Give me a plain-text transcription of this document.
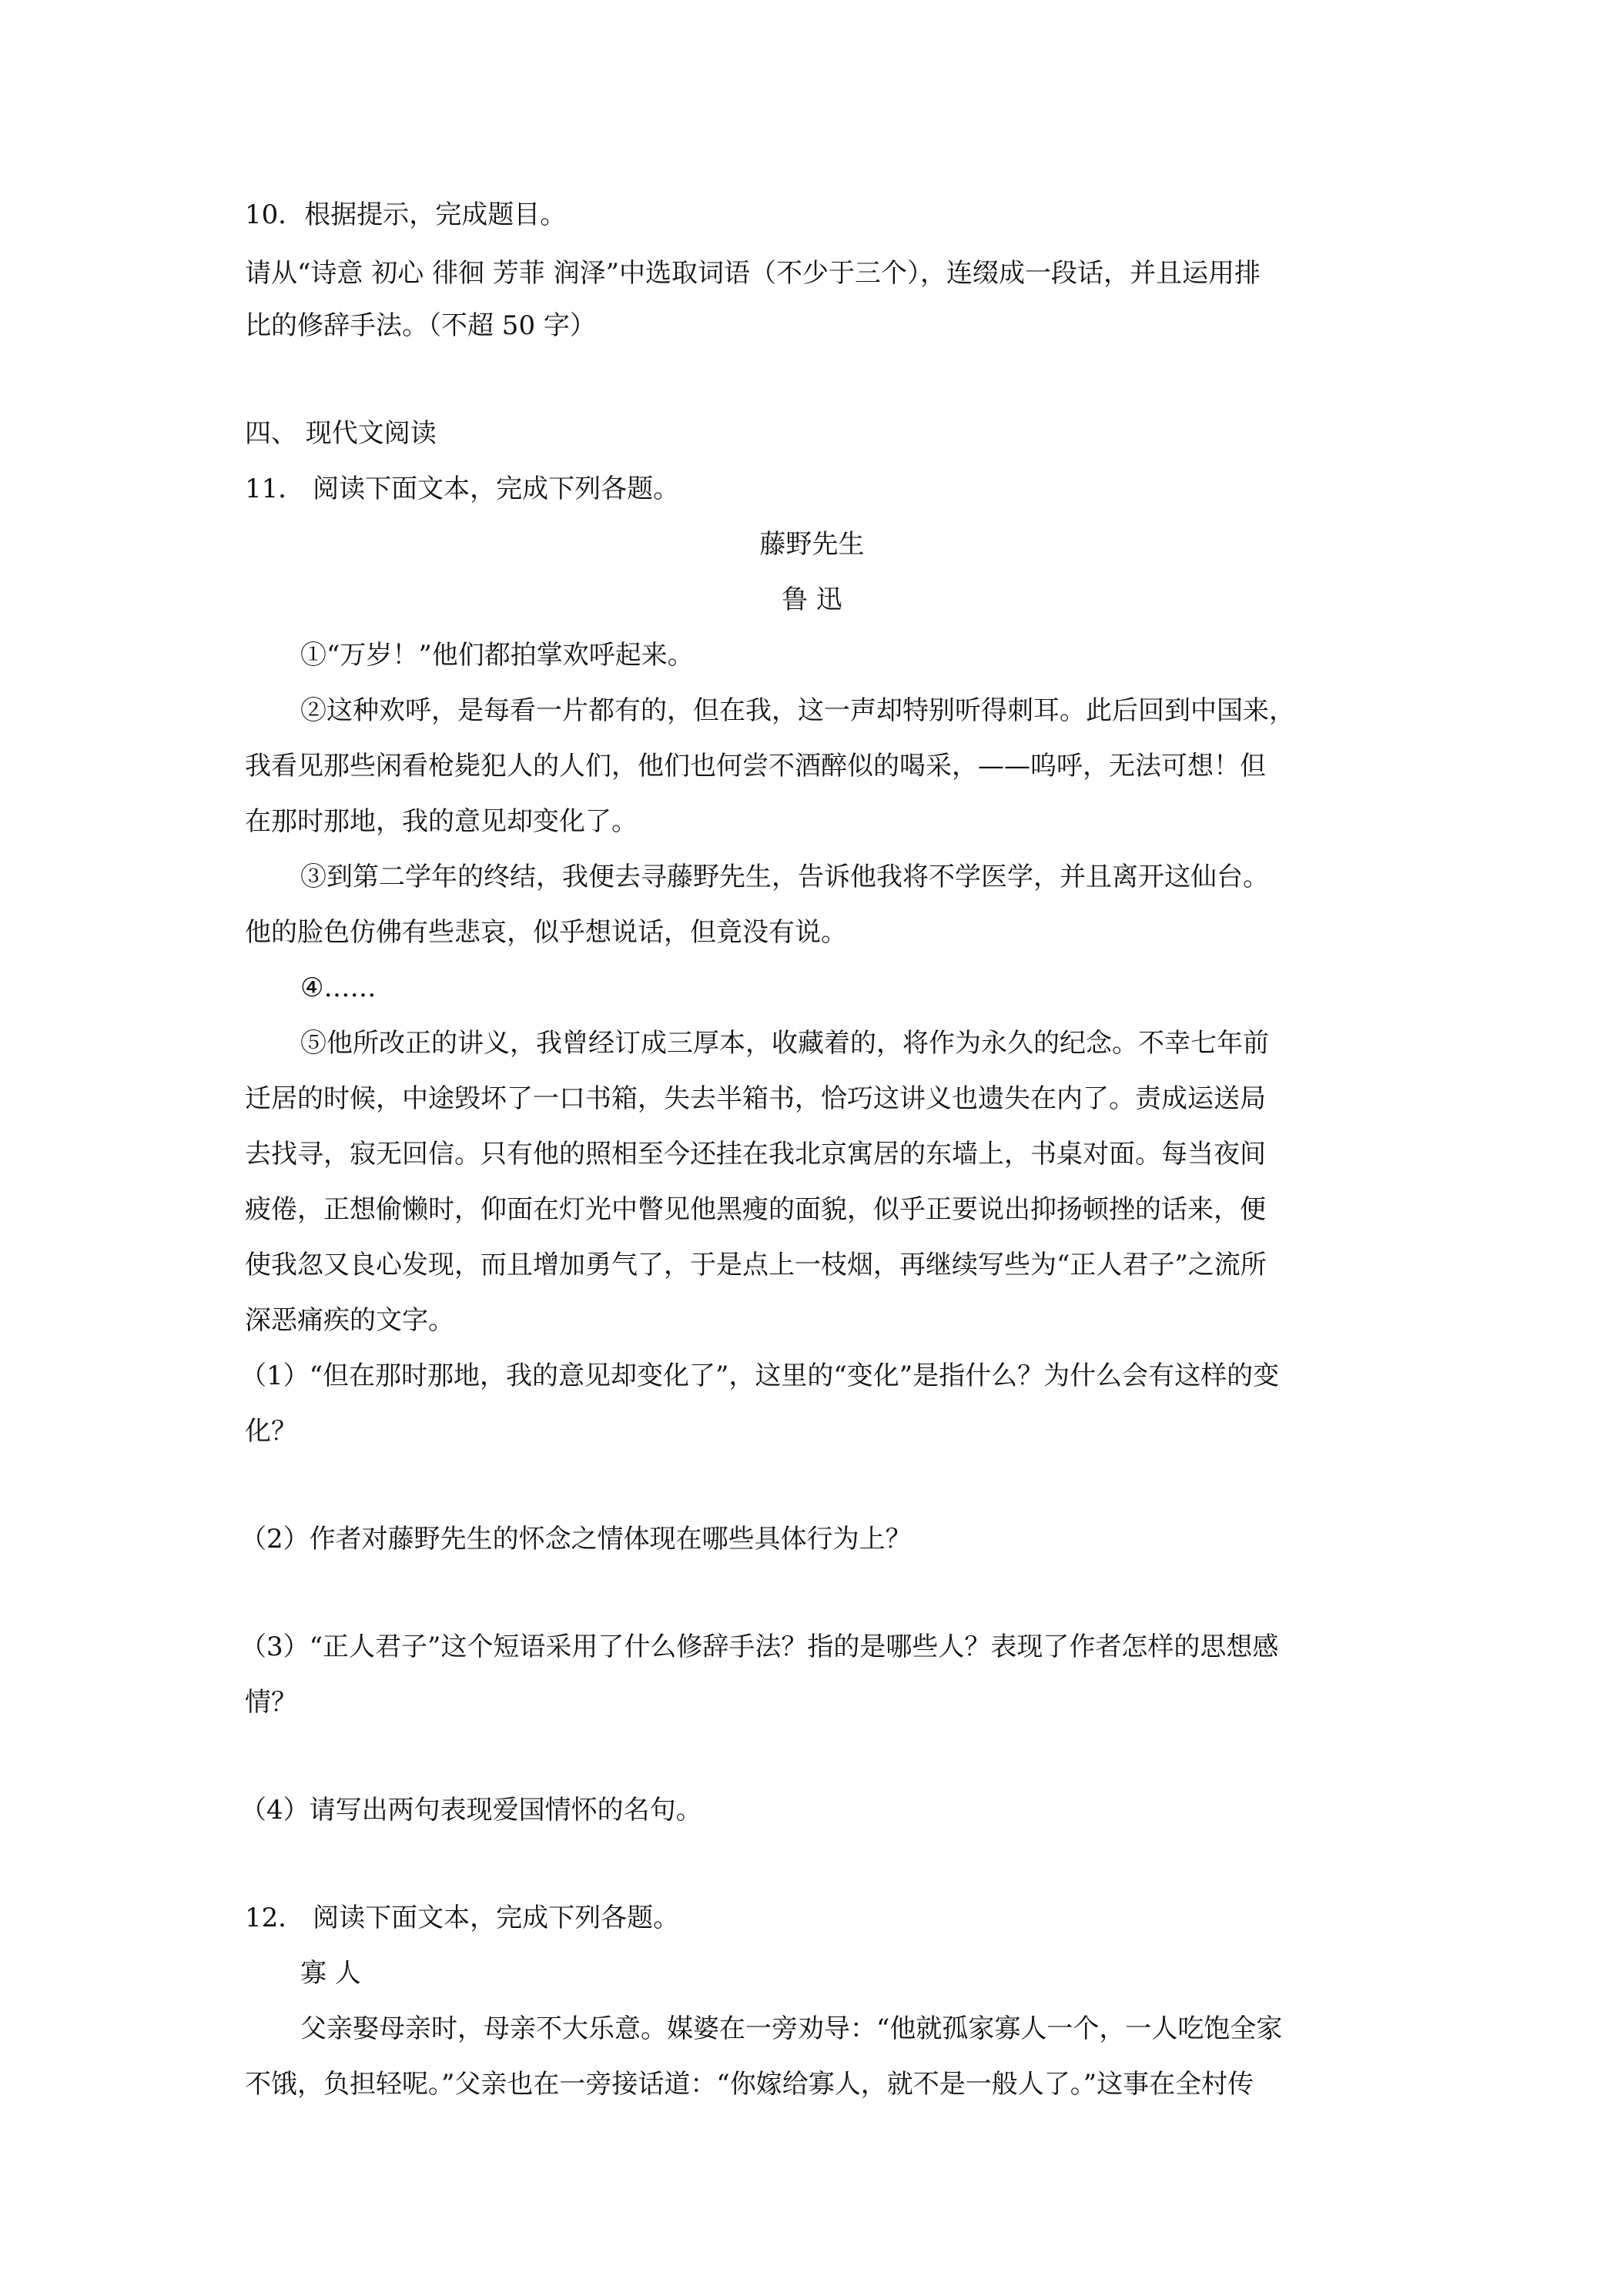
10．根据提示，完成题目。
请从“诗意 初心 徘徊 芳菲 润泽”中选取词语（不少于三个），连缀成一段话，并且运用排
比的修辞手法。（不超 50 字）
四、 现代文阅读
11． 阅读下面文本，完成下列各题。
藤野先生
鲁 迅
①“万岁！”他们都拍掌欢呼起来。
②这种欢呼，是每看一片都有的，但在我，这一声却特别听得刺耳。此后回到中国来，
我看见那些闲看枪毙犯人的人们，他们也何尝不酒醉似的喝采，——呜呼，无法可想！但
在那时那地，我的意见却变化了。
③到第二学年的终结，我便去寻藤野先生，告诉他我将不学医学，并且离开这仙台。
他的脸色仿佛有些悲哀，似乎想说话，但竟没有说。
④……
⑤他所改正的讲义，我曾经订成三厚本，收藏着的，将作为永久的纪念。不幸七年前
迁居的时候，中途毁坏了一口书箱，失去半箱书，恰巧这讲义也遗失在内了。责成运送局
去找寻，寂无回信。只有他的照相至今还挂在我北京寓居的东墙上，书桌对面。每当夜间
疲倦，正想偷懒时，仰面在灯光中瞥见他黑瘦的面貌，似乎正要说出抑扬顿挫的话来，便
使我忽又良心发现，而且增加勇气了，于是点上一枝烟，再继续写些为“正人君子”之流所
深恶痛疾的文字。
（1）“但在那时那地，我的意见却变化了”，这里的“变化”是指什么？为什么会有这样的变
化？
（2）作者对藤野先生的怀念之情体现在哪些具体行为上？
（3）“正人君子”这个短语采用了什么修辞手法？指的是哪些人？表现了作者怎样的思想感
情？
（4）请写出两句表现爱国情怀的名句。
12． 阅读下面文本，完成下列各题。
寡 人
父亲娶母亲时，母亲不大乐意。媒婆在一旁劝导：“他就孤家寡人一个，一人吃饱全家
不饿，负担轻呢。”父亲也在一旁接话道：“你嫁给寡人，就不是一般人了。”这事在全村传
